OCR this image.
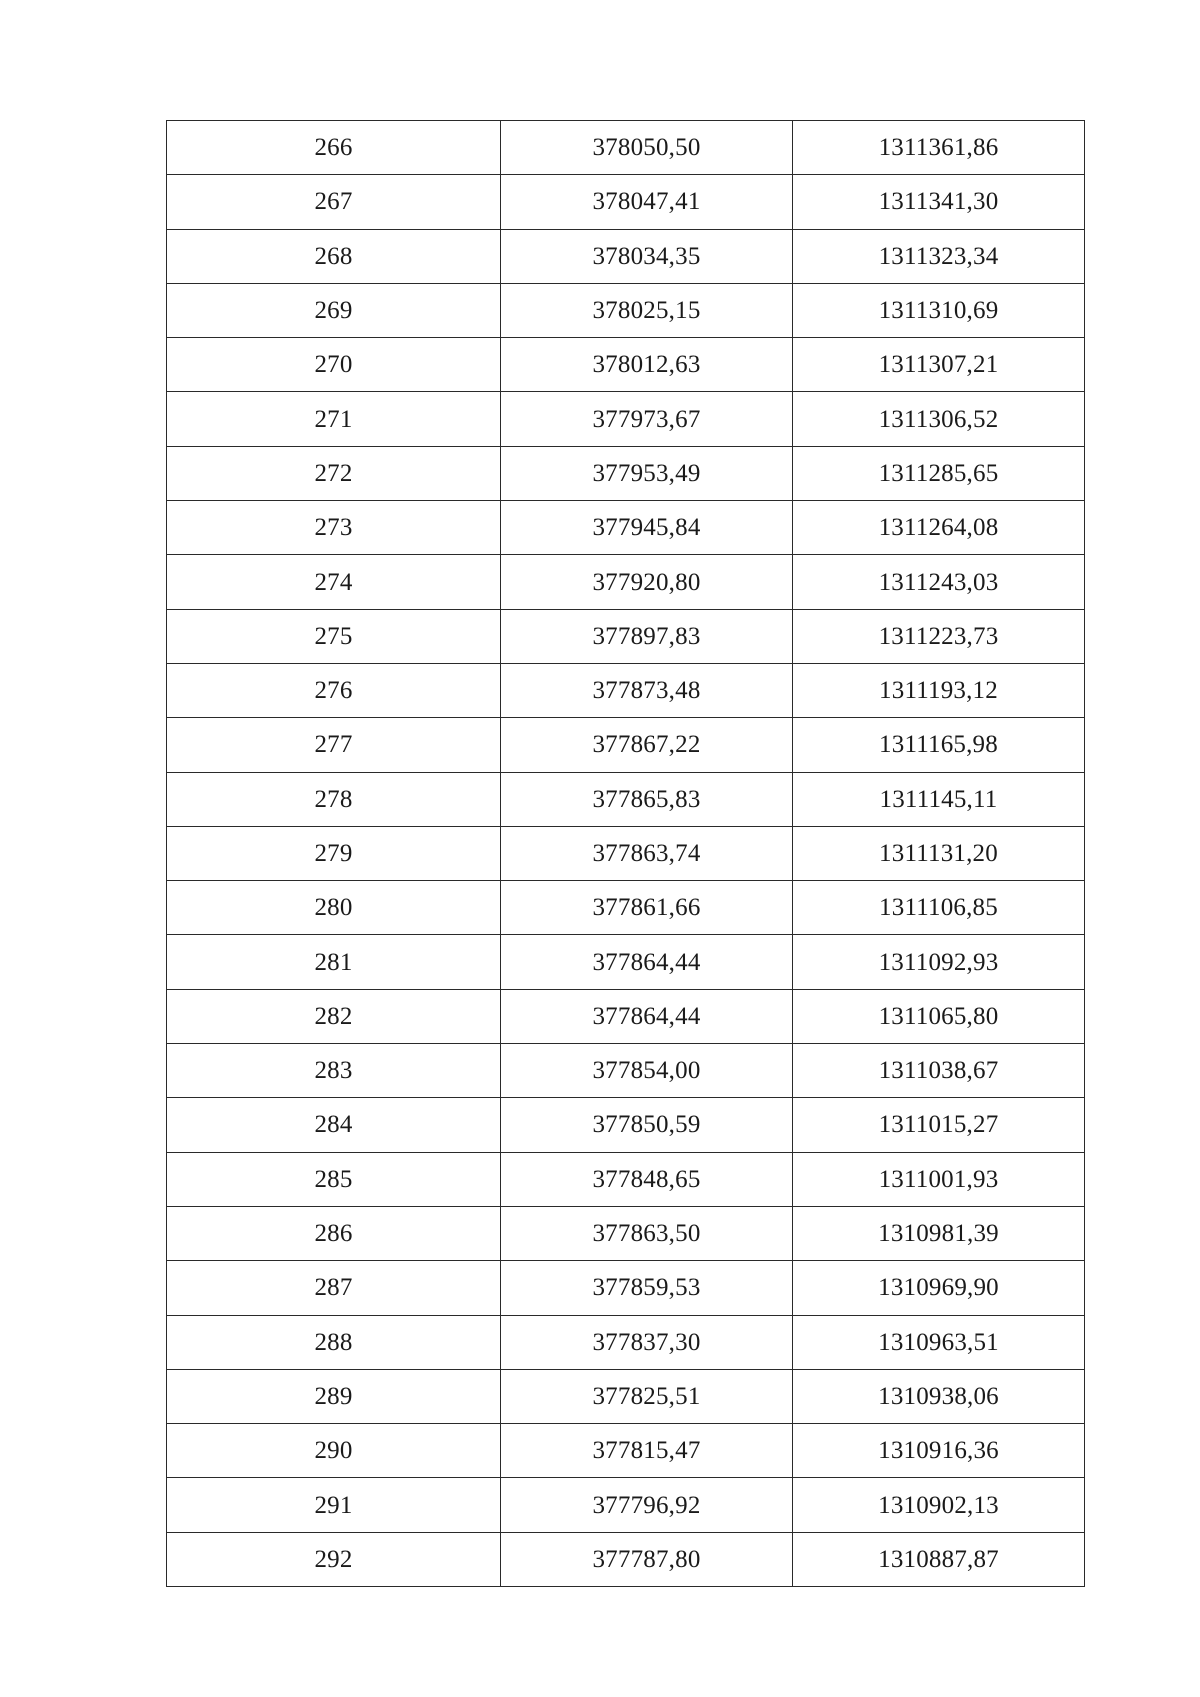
266	378050,50	1311361,86
267	378047,41	1311341,30
268	378034,35	1311323,34
269	378025,15	1311310,69
270	378012,63	1311307,21
271	377973,67	1311306,52
272	377953,49	1311285,65
273	377945,84	1311264,08
274	377920,80	1311243,03
275	377897,83	1311223,73
276	377873,48	1311193,12
277	377867,22	1311165,98
278	377865,83	1311145,11
279	377863,74	1311131,20
280	377861,66	1311106,85
281	377864,44	1311092,93
282	377864,44	1311065,80
283	377854,00	1311038,67
284	377850,59	1311015,27
285	377848,65	1311001,93
286	377863,50	1310981,39
287	377859,53	1310969,90
288	377837,30	1310963,51
289	377825,51	1310938,06
290	377815,47	1310916,36
291	377796,92	1310902,13
292	377787,80	1310887,87
